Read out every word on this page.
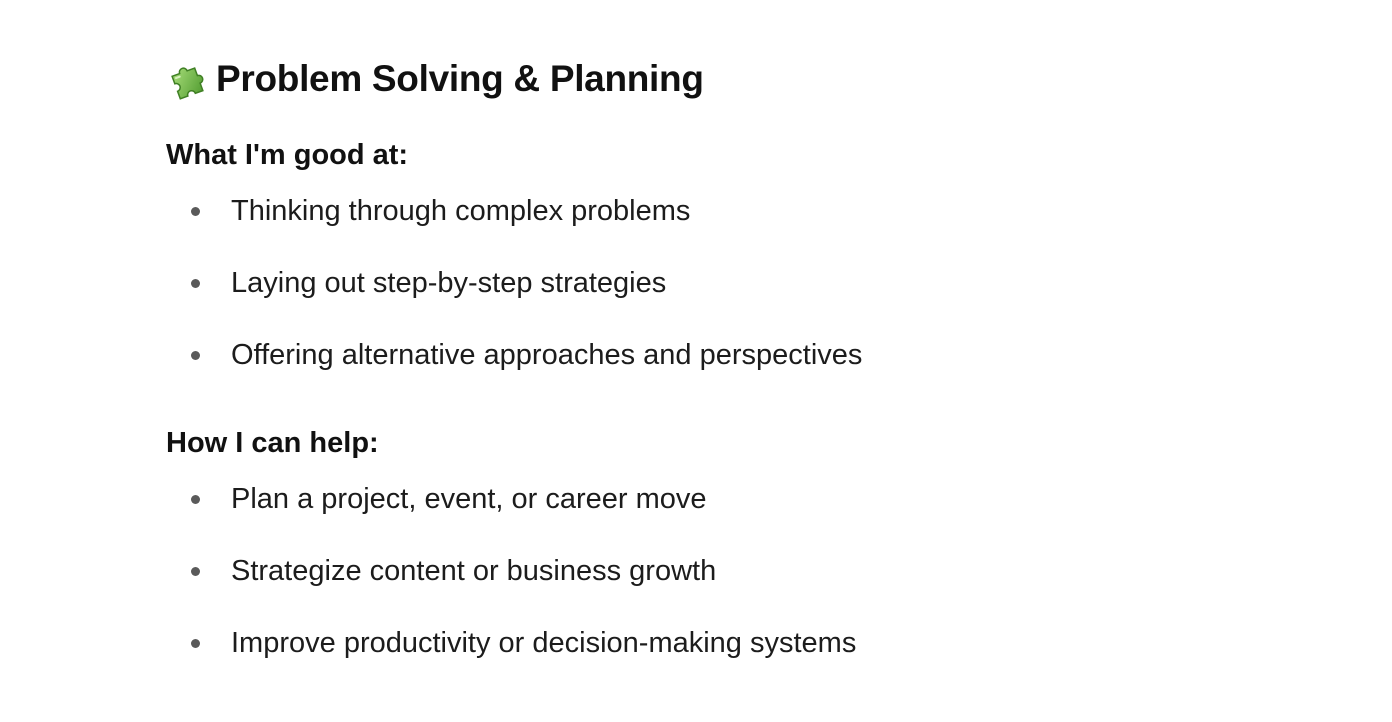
Problem Solving & Planning
What I'm good at:
Thinking through complex problems
Laying out step-by-step strategies
Offering alternative approaches and perspectives
How I can help:
Plan a project, event, or career move
Strategize content or business growth
Improve productivity or decision-making systems
